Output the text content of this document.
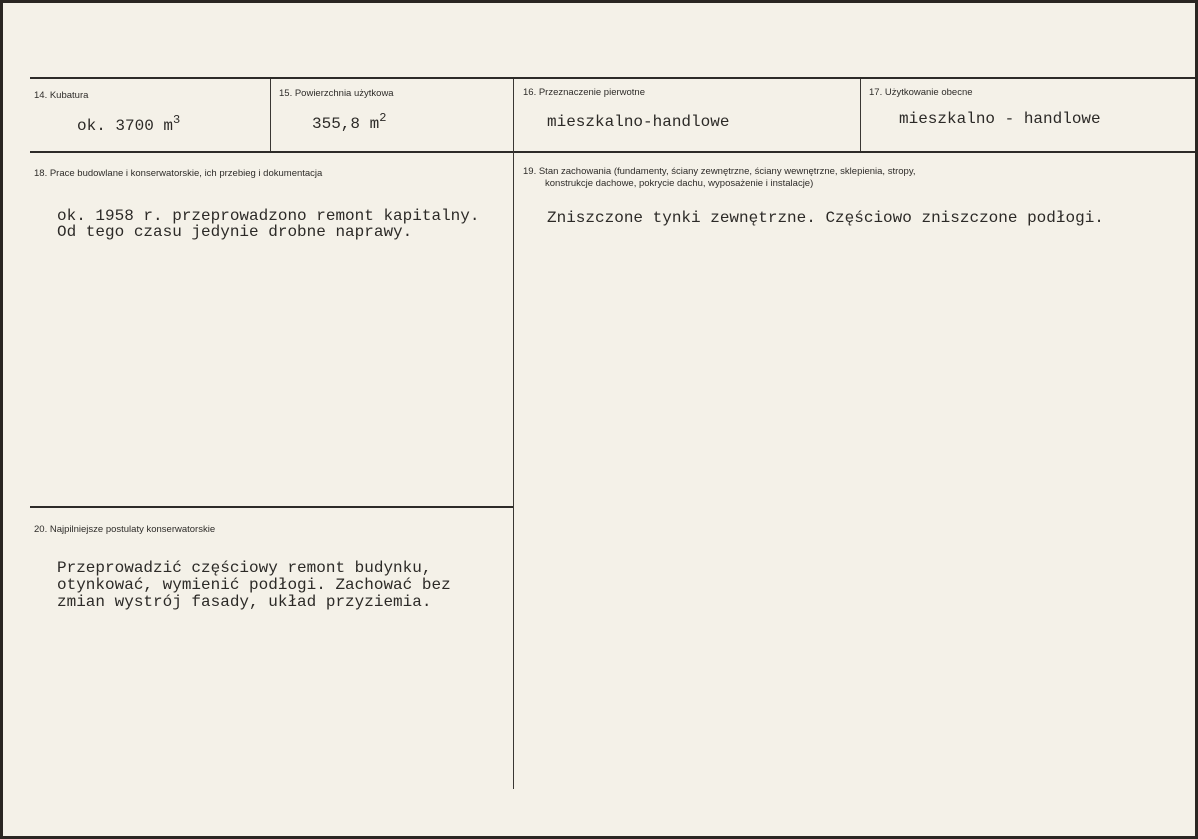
14. Kubatura
ok. 3700 $m^3$
15. Powierzchnia użytkowa
355,8 $m^2$
16. Przeznaczenie pierwotne
mieszkalno-handlowe
17. Użytkowanie obecne
mieszkalno - handlowe
18. Prace budowlane i konserwatorskie, ich przebieg i dokumentacja
ok. 1958 r. przeprowadzono remont kapitalny.
Od tego czasu jedynie drobne naprawy.
19. Stan zachowania (fundamenty, ściany zewnętrzne, ściany wewnętrzne, sklepienia, stropy,
konstrukcje dachowe, pokrycie dachu, wyposażenie i instalacje)
Zniszczone tynki zewnętrzne. Częściowo zniszczone podłogi.
20. Najpilniejsze postulaty konserwatorskie
Przeprowadzić częściowy remont budynku,
otynkować, wymienić podłogi. Zachować bez
zmian wystrój fasady, układ przyziemia.
